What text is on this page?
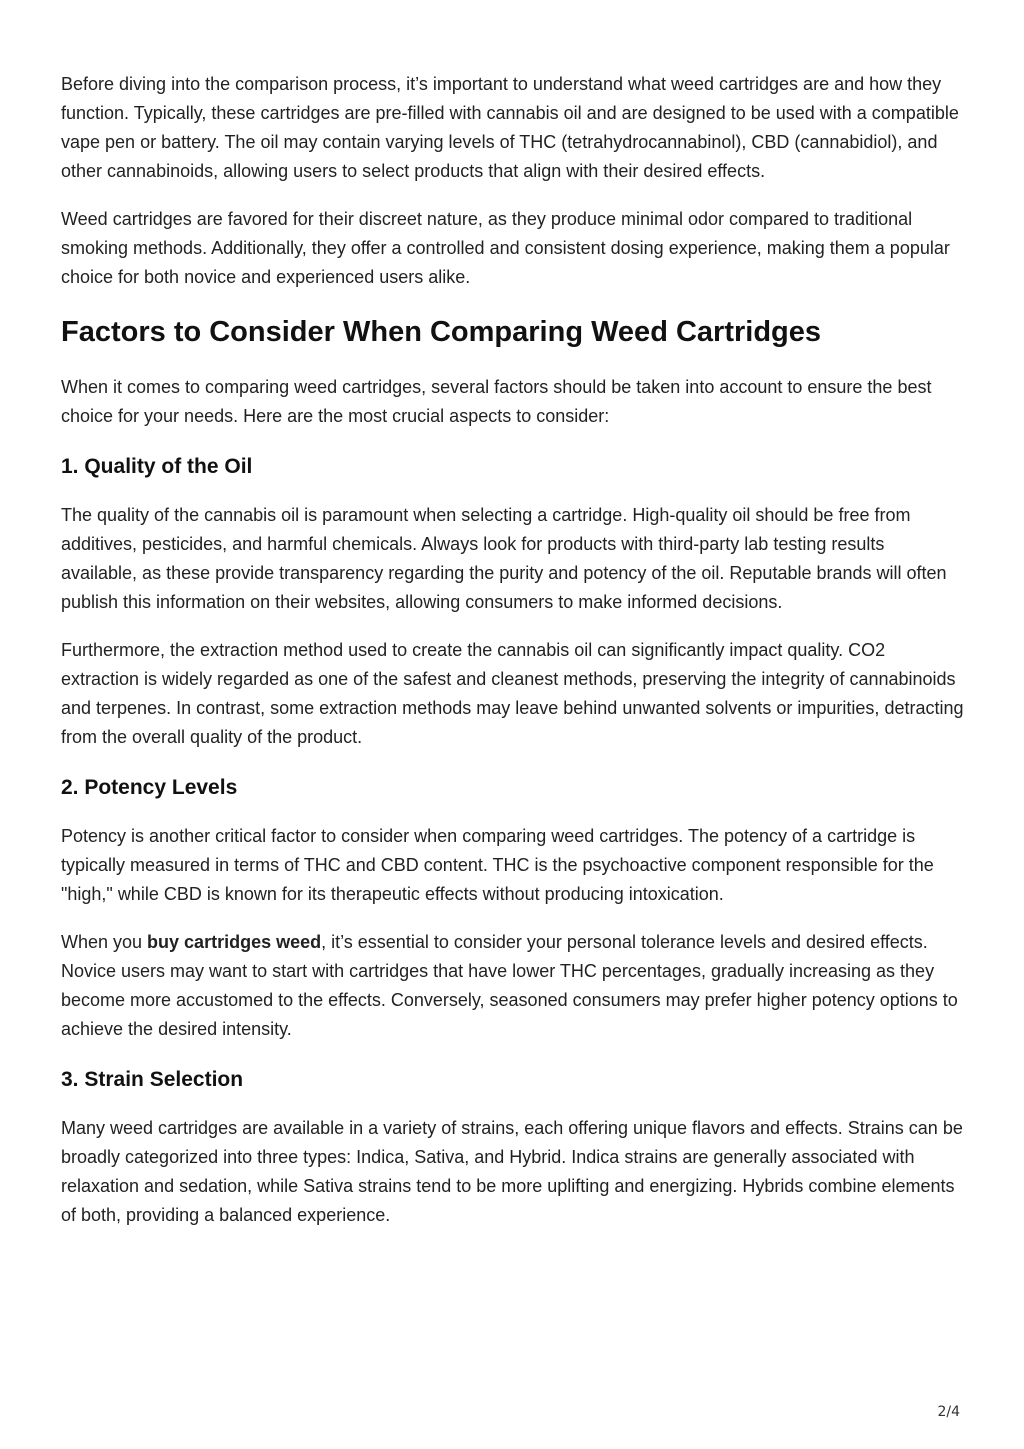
Before diving into the comparison process, it’s important to understand what weed cartridges are and how they function. Typically, these cartridges are pre-filled with cannabis oil and are designed to be used with a compatible vape pen or battery. The oil may contain varying levels of THC (tetrahydrocannabinol), CBD (cannabidiol), and other cannabinoids, allowing users to select products that align with their desired effects.

Weed cartridges are favored for their discreet nature, as they produce minimal odor compared to traditional smoking methods. Additionally, they offer a controlled and consistent dosing experience, making them a popular choice for both novice and experienced users alike.

Factors to Consider When Comparing Weed Cartridges

When it comes to comparing weed cartridges, several factors should be taken into account to ensure the best choice for your needs. Here are the most crucial aspects to consider:

1. Quality of the Oil

The quality of the cannabis oil is paramount when selecting a cartridge. High-quality oil should be free from additives, pesticides, and harmful chemicals. Always look for products with third-party lab testing results available, as these provide transparency regarding the purity and potency of the oil. Reputable brands will often publish this information on their websites, allowing consumers to make informed decisions.

Furthermore, the extraction method used to create the cannabis oil can significantly impact quality. CO2 extraction is widely regarded as one of the safest and cleanest methods, preserving the integrity of cannabinoids and terpenes. In contrast, some extraction methods may leave behind unwanted solvents or impurities, detracting from the overall quality of the product.

2. Potency Levels

Potency is another critical factor to consider when comparing weed cartridges. The potency of a cartridge is typically measured in terms of THC and CBD content. THC is the psychoactive component responsible for the "high," while CBD is known for its therapeutic effects without producing intoxication.

When you buy cartridges weed, it’s essential to consider your personal tolerance levels and desired effects. Novice users may want to start with cartridges that have lower THC percentages, gradually increasing as they become more accustomed to the effects. Conversely, seasoned consumers may prefer higher potency options to achieve the desired intensity.

3. Strain Selection

Many weed cartridges are available in a variety of strains, each offering unique flavors and effects. Strains can be broadly categorized into three types: Indica, Sativa, and Hybrid. Indica strains are generally associated with relaxation and sedation, while Sativa strains tend to be more uplifting and energizing. Hybrids combine elements of both, providing a balanced experience.

2/4
